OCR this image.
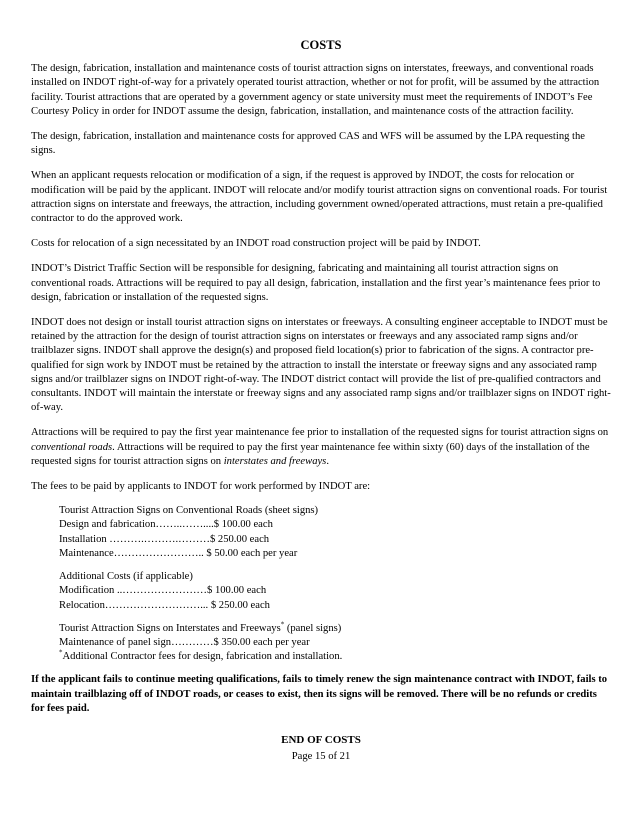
COSTS

The design, fabrication, installation and maintenance costs of tourist attraction signs on interstates, freeways, and conventional roads installed on INDOT right-of-way for a privately operated tourist attraction, whether or not for profit, will be assumed by the attraction facility. Tourist attractions that are operated by a government agency or state university must meet the requirements of INDOT’s Fee Courtesy Policy in order for INDOT assume the design, fabrication, installation, and maintenance costs of the attraction facility.

The design, fabrication, installation and maintenance costs for approved CAS and WFS will be assumed by the LPA requesting the signs.

When an applicant requests relocation or modification of a sign, if the request is approved by INDOT, the costs for relocation or modification will be paid by the applicant. INDOT will relocate and/or modify tourist attraction signs on conventional roads. For tourist attraction signs on interstate and freeways, the attraction, including government owned/operated attractions, must retain a pre-qualified contractor to do the approved work.

Costs for relocation of a sign necessitated by an INDOT road construction project will be paid by INDOT.

INDOT’s District Traffic Section will be responsible for designing, fabricating and maintaining all tourist attraction signs on conventional roads. Attractions will be required to pay all design, fabrication, installation and the first year’s maintenance fees prior to design, fabrication or installation of the requested signs.

INDOT does not design or install tourist attraction signs on interstates or freeways. A consulting engineer acceptable to INDOT must be retained by the attraction for the design of tourist attraction signs on interstates or freeways and any associated ramp signs and/or trailblazer signs. INDOT shall approve the design(s) and proposed field location(s) prior to fabrication of the signs. A contractor pre-qualified for sign work by INDOT must be retained by the attraction to install the interstate or freeway signs and any associated ramp signs and/or trailblazer signs on INDOT right-of-way. The INDOT district contact will provide the list of pre-qualified contractors and consultants. INDOT will maintain the interstate or freeway signs and any associated ramp signs and/or trailblazer signs on INDOT right-of-way.

Attractions will be required to pay the first year maintenance fee prior to installation of the requested signs for tourist attraction signs on conventional roads. Attractions will be required to pay the first year maintenance fee within sixty (60) days of the installation of the requested signs for tourist attraction signs on interstates and freeways.

The fees to be paid by applicants to INDOT for work performed by INDOT are:

Tourist Attraction Signs on Conventional Roads (sheet signs)
Design and fabrication……..……....$ 100.00 each
Installation ……….……….………$ 250.00 each
Maintenance…………………….. $ 50.00 each per year
Additional Costs (if applicable)
Modification ..……………………$ 100.00 each
Relocation………………………... $ 250.00 each
Tourist Attraction Signs on Interstates and Freeways* (panel signs)
Maintenance of panel sign…………$ 350.00 each per year
*Additional Contractor fees for design, fabrication and installation.

If the applicant fails to continue meeting qualifications, fails to timely renew the sign maintenance contract with INDOT, fails to maintain trailblazing off of INDOT roads, or ceases to exist, then its signs will be removed. There will be no refunds or credits for fees paid.

END OF COSTS
Page 15 of 21
